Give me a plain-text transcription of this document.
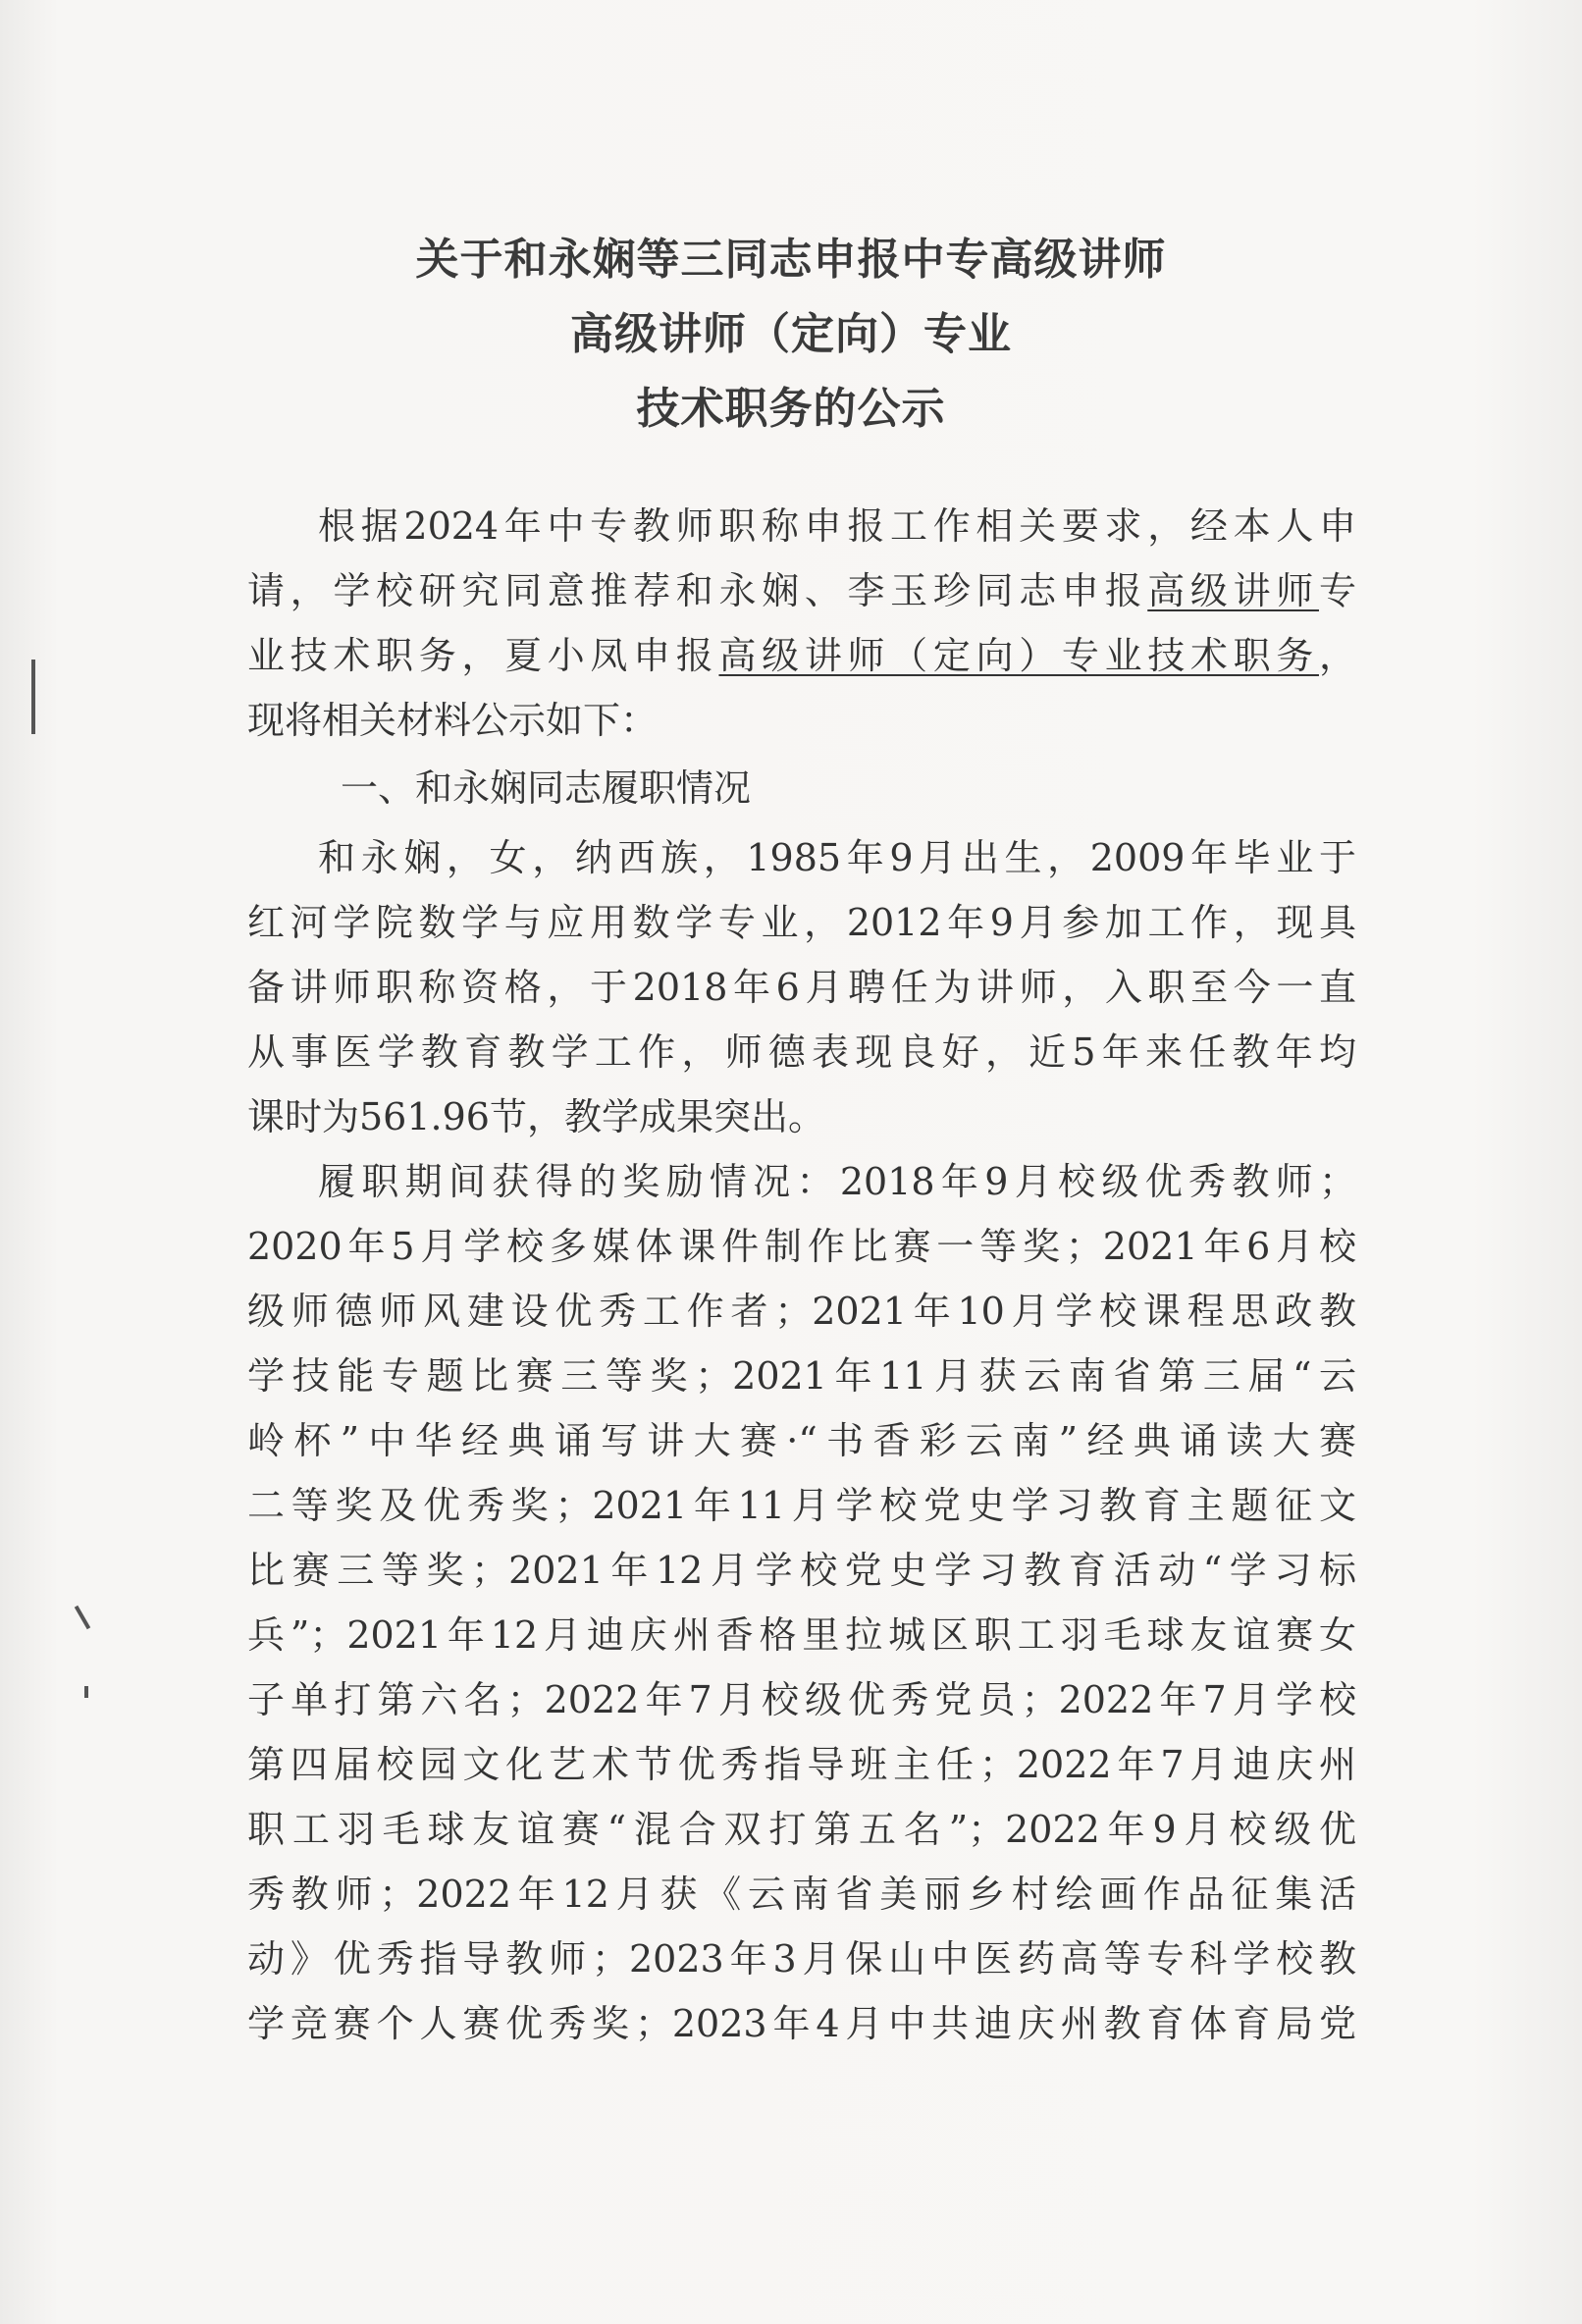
关于和永娴等三同志申报中专高级讲师
高级讲师（定向）专业
技术职务的公示
根据2024年中专教师职称申报工作相关要求，经本人申
请，学校研究同意推荐和永娴、李玉珍同志申报高级讲师专
业技术职务，夏小凤申报高级讲师（定向）专业技术职务，
现将相关材料公示如下：
一、和永娴同志履职情况
和永娴，女，纳西族，1985年9月出生，2009年毕业于
红河学院数学与应用数学专业，2012年9月参加工作，现具
备讲师职称资格，于2018年6月聘任为讲师，入职至今一直
从事医学教育教学工作，师德表现良好，近5年来任教年均
课时为561.96节，教学成果突出。
履职期间获得的奖励情况：2018年9月校级优秀教师；
2020年5月学校多媒体课件制作比赛一等奖；2021年6月校
级师德师风建设优秀工作者；2021年10月学校课程思政教
学技能专题比赛三等奖；2021年11月获云南省第三届“云
岭杯”中华经典诵写讲大赛·“书香彩云南”经典诵读大赛
二等奖及优秀奖；2021年11月学校党史学习教育主题征文
比赛三等奖；2021年12月学校党史学习教育活动“学习标
兵”；2021年12月迪庆州香格里拉城区职工羽毛球友谊赛女
子单打第六名；2022年7月校级优秀党员；2022年7月学校
第四届校园文化艺术节优秀指导班主任；2022年7月迪庆州
职工羽毛球友谊赛“混合双打第五名”；2022年9月校级优
秀教师；2022年12月获《云南省美丽乡村绘画作品征集活
动》优秀指导教师；2023年3月保山中医药高等专科学校教
学竞赛个人赛优秀奖；2023年4月中共迪庆州教育体育局党
